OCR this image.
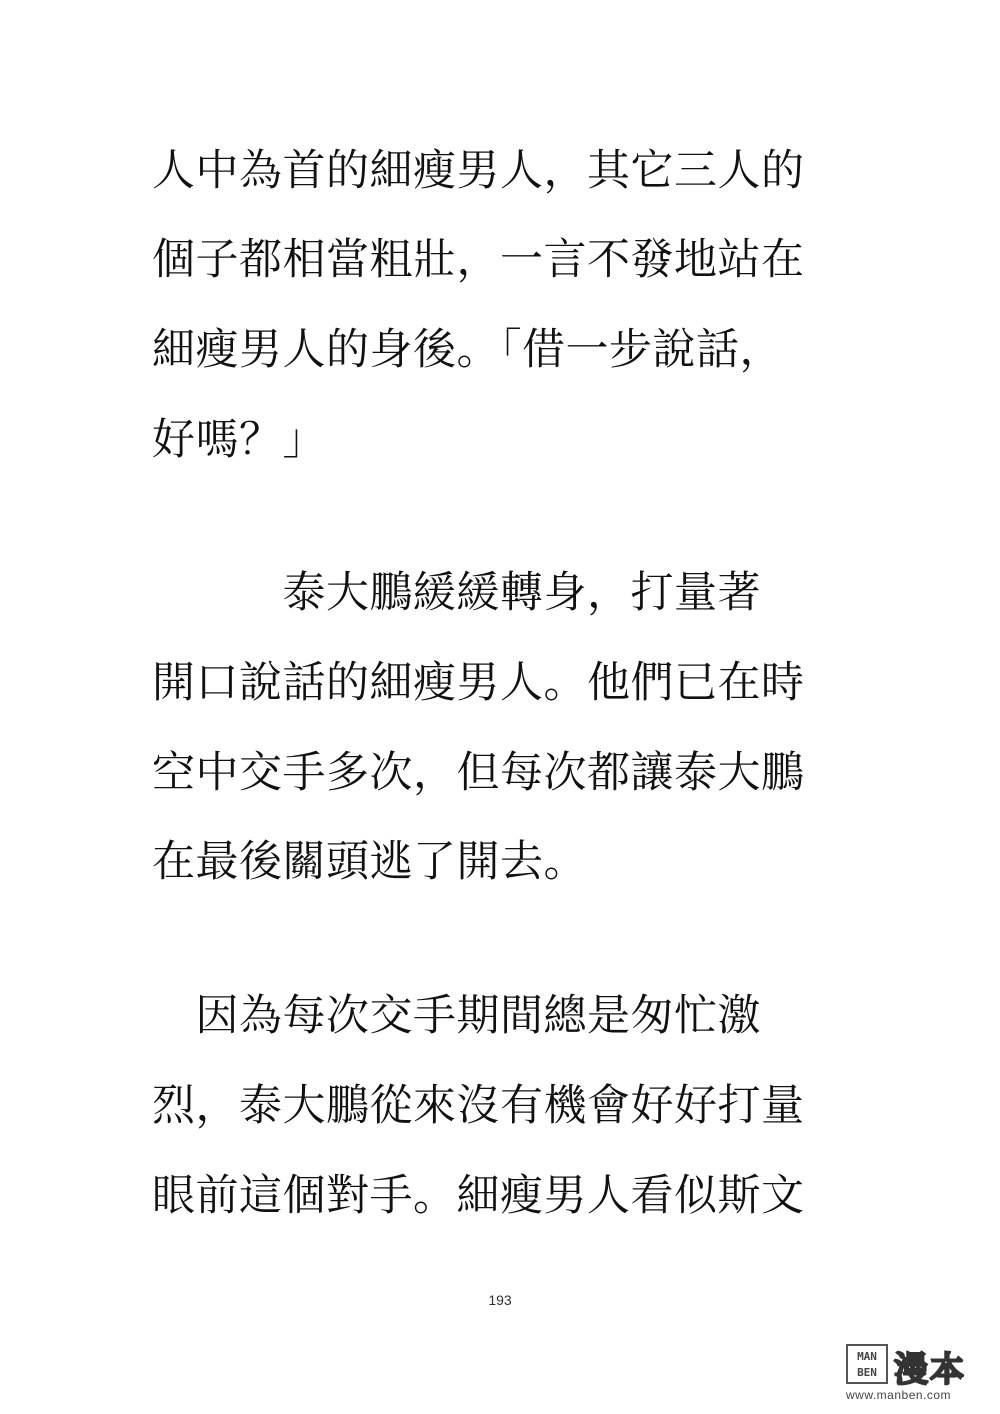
人中為首的細瘦男人，其它三人的
個子都相當粗壯，一言不發地站在
細瘦男人的身後。「借一步說話，
好嗎？」
　　　泰大鵬緩緩轉身，打量著
開口說話的細瘦男人。他們已在時
空中交手多次，但每次都讓泰大鵬
在最後關頭逃了開去。
　因為每次交手期間總是匆忙激
烈，泰大鵬從來沒有機會好好打量
眼前這個對手。細瘦男人看似斯文
193
MAN BEN 漫本
www.manben.com
